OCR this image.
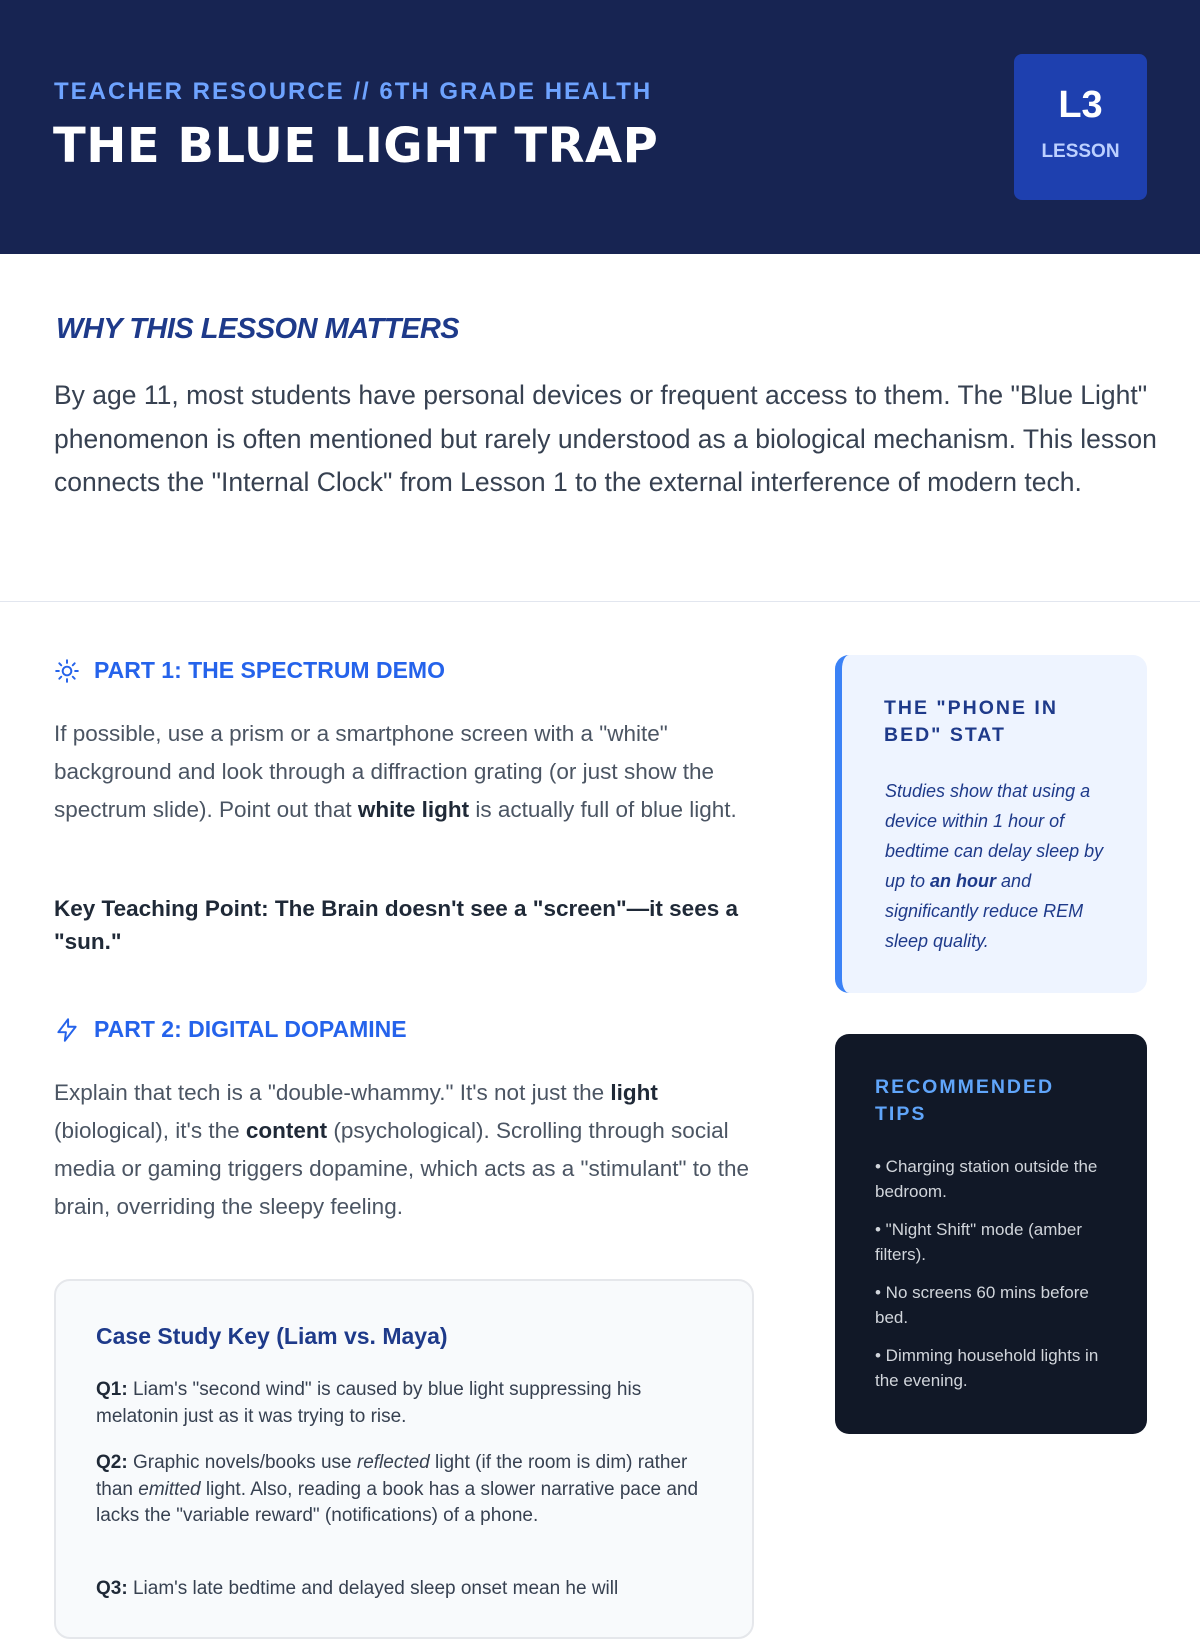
TEACHER RESOURCE // 6TH GRADE HEALTH
THE BLUE LIGHT TRAP
L3
LESSON
WHY THIS LESSON MATTERS
By age 11, most students have personal devices or frequent access to them. The "Blue Light" phenomenon is often mentioned but rarely understood as a biological mechanism. This lesson connects the "Internal Clock" from Lesson 1 to the external interference of modern tech.
PART 1: THE SPECTRUM DEMO
If possible, use a prism or a smartphone screen with a "white" background and look through a diffraction grating (or just show the spectrum slide). Point out that white light is actually full of blue light.
Key Teaching Point: The Brain doesn't see a "screen"—it sees a "sun."
PART 2: DIGITAL DOPAMINE
Explain that tech is a "double-whammy." It's not just the light (biological), it's the content (psychological). Scrolling through social media or gaming triggers dopamine, which acts as a "stimulant" to the brain, overriding the sleepy feeling.
Case Study Key (Liam vs. Maya)
Q1: Liam's "second wind" is caused by blue light suppressing his melatonin just as it was trying to rise.
Q2: Graphic novels/books use reflected light (if the room is dim) rather than emitted light. Also, reading a book has a slower narrative pace and lacks the "variable reward" (notifications) of a phone.
Q3: Liam's late bedtime and delayed sleep onset mean he will
THE "PHONE IN BED" STAT
Studies show that using a device within 1 hour of bedtime can delay sleep by up to an hour and significantly reduce REM sleep quality.
RECOMMENDED TIPS
• Charging station outside the bedroom.
• "Night Shift" mode (amber filters).
• No screens 60 mins before bed.
• Dimming household lights in the evening.
